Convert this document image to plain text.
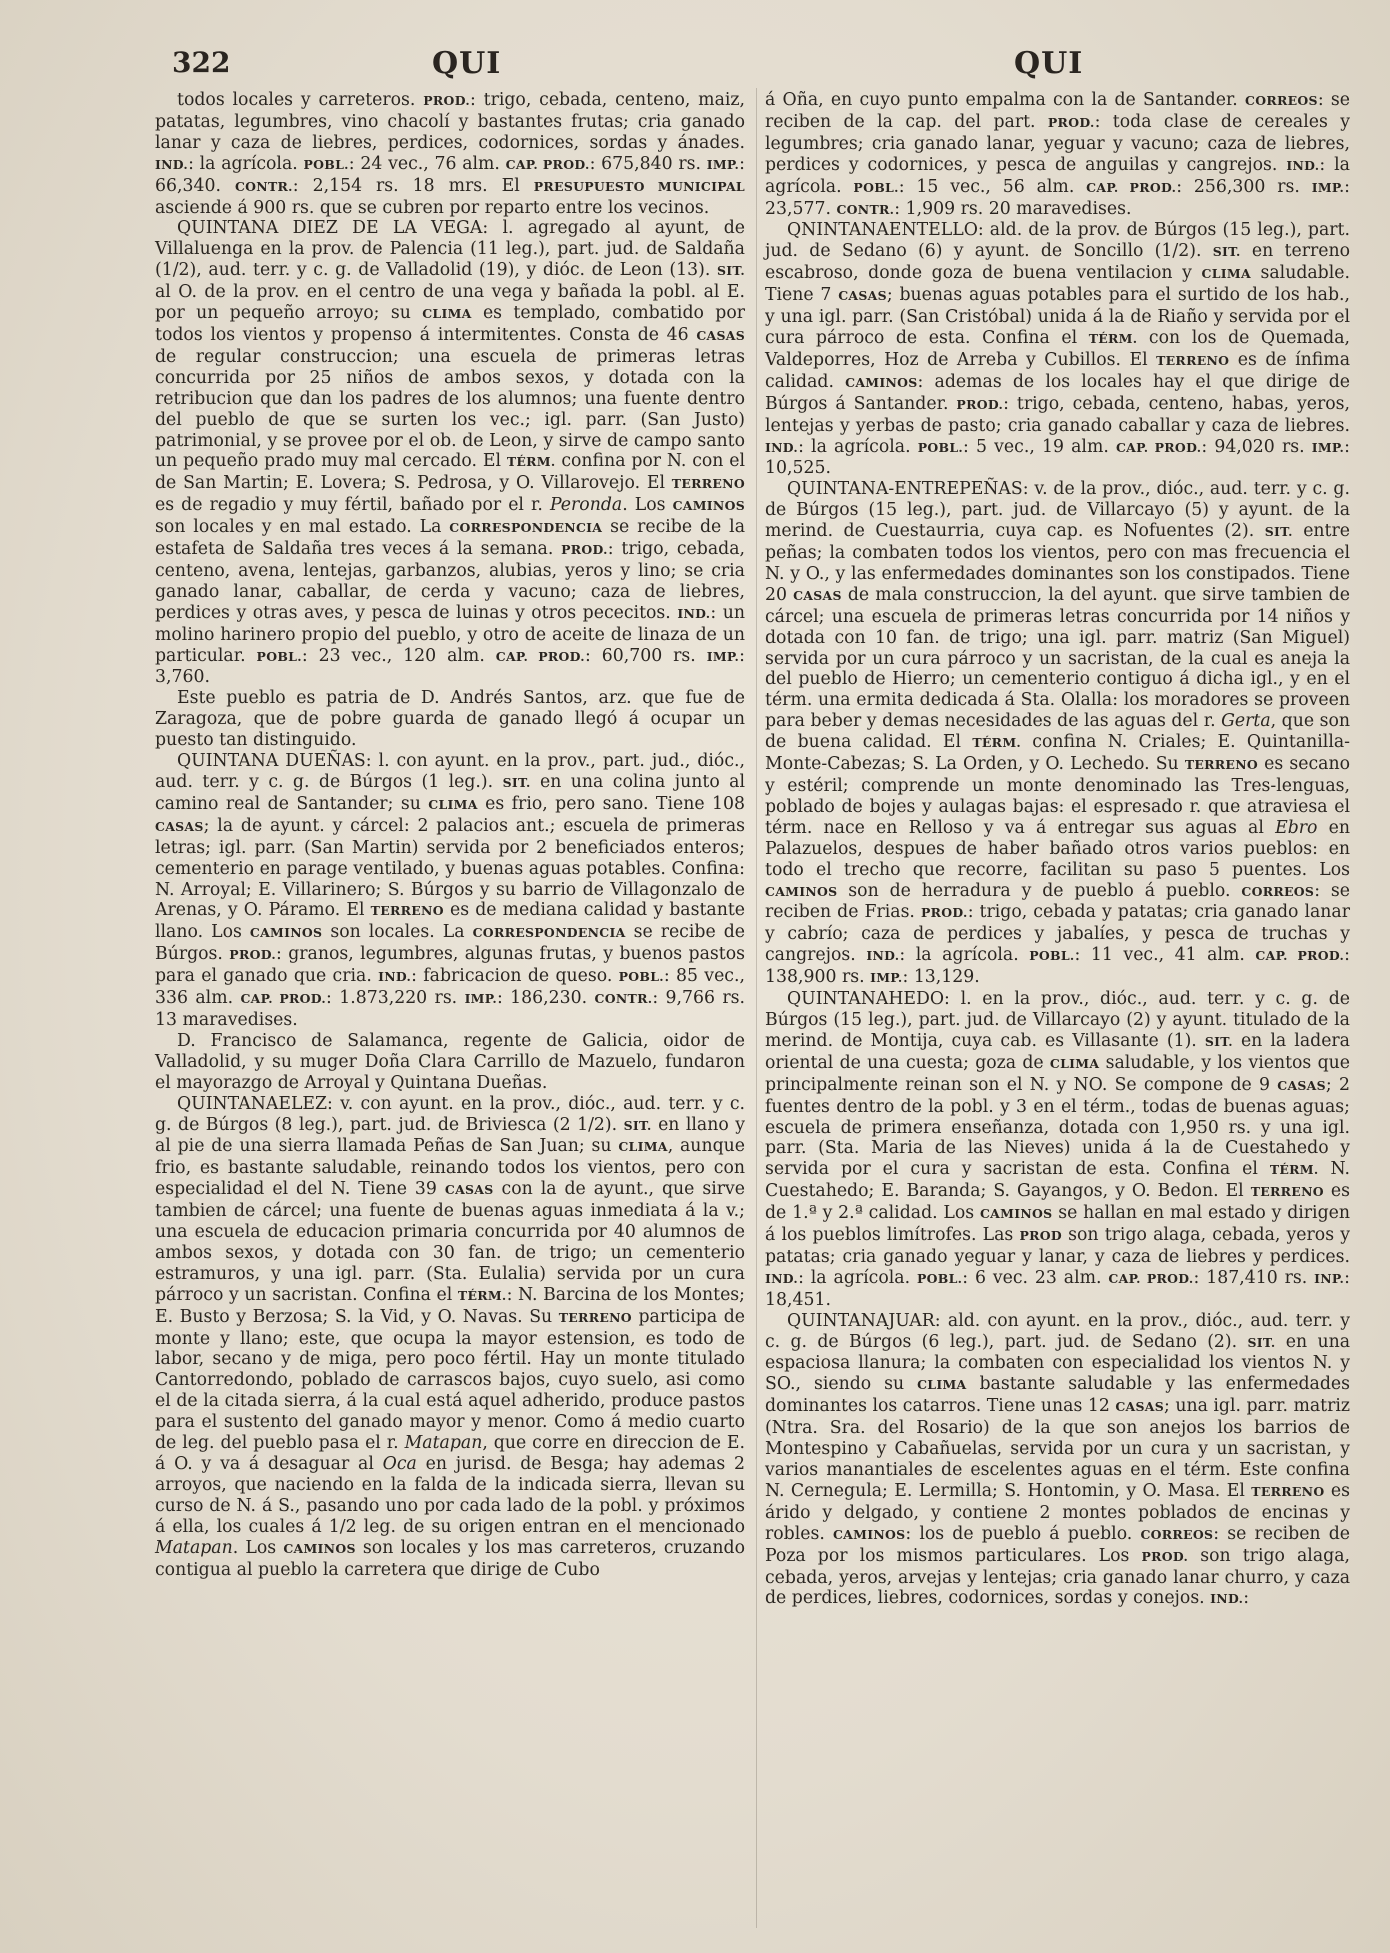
322	QUI	QUI

todos locales y carreteros. PROD.: trigo, cebada, centeno, maiz, patatas, legumbres, vino chacolí y bastantes frutas; cria ganado lanar y caza de liebres, perdices, codornices, sordas y ánades. IND.: la agrícola. POBL.: 24 vec., 76 alm. CAP. PROD.: 675,840 rs. IMP.: 66,340. CONTR.: 2,154 rs. 18 mrs. El PRESUPUESTO MUNICIPAL asciende á 900 rs. que se cubren por reparto entre los vecinos.

QUINTANA DIEZ DE LA VEGA: l. agregado al ayunt, de Villaluenga en la prov. de Palencia (11 leg.), part. jud. de Saldaña (1/2), aud. terr. y c. g. de Valladolid (19), y dióc. de Leon (13). SIT. al O. de la prov. en el centro de una vega y bañada la pobl. al E. por un pequeño arroyo; su CLIMA es templado, combatido por todos los vientos y propenso á intermitentes. Consta de 46 CASAS de regular construccion; una escuela de primeras letras concurrida por 25 niños de ambos sexos, y dotada con la retribucion que dan los padres de los alumnos; una fuente dentro del pueblo de que se surten los vec.; igl. parr. (San Justo) patrimonial, y se provee por el ob. de Leon, y sirve de campo santo un pequeño prado muy mal cercado. El TÉRM. confina por N. con el de San Martin; E. Lovera; S. Pedrosa, y O. Villarovejo. El TERRENO es de regadio y muy fértil, bañado por el r. Peronda. Los CAMINOS son locales y en mal estado. La CORRESPONDENCIA se recibe de la estafeta de Saldaña tres veces á la semana. PROD.: trigo, cebada, centeno, avena, lentejas, garbanzos, alubias, yeros y lino; se cria ganado lanar, caballar, de cerda y vacuno; caza de liebres, perdices y otras aves, y pesca de luinas y otros pececitos. IND.: un molino harinero propio del pueblo, y otro de aceite de linaza de un particular. POBL.: 23 vec., 120 alm. CAP. PROD.: 60,700 rs. IMP.: 3,760.

Este pueblo es patria de D. Andrés Santos, arz. que fue de Zaragoza, que de pobre guarda de ganado llegó á ocupar un puesto tan distinguido.

QUINTANA DUEÑAS: l. con ayunt. en la prov., part. jud., dióc., aud. terr. y c. g. de Búrgos (1 leg.). SIT. en una colina junto al camino real de Santander; su CLIMA es frio, pero sano. Tiene 108 CASAS; la de ayunt. y cárcel: 2 palacios ant.; escuela de primeras letras; igl. parr. (San Martin) servida por 2 beneficiados enteros; cementerio en parage ventilado, y buenas aguas potables. Confina: N. Arroyal; E. Villarinero; S. Búrgos y su barrio de Villagonzalo de Arenas, y O. Páramo. El TERRENO es de mediana calidad y bastante llano. Los CAMINOS son locales. La CORRESPONDENCIA se recibe de Búrgos. PROD.: granos, legumbres, algunas frutas, y buenos pastos para el ganado que cria. IND.: fabricacion de queso. POBL.: 85 vec., 336 alm. CAP. PROD.: 1.873,220 rs. IMP.: 186,230. CONTR.: 9,766 rs. 13 maravedises.

D. Francisco de Salamanca, regente de Galicia, oidor de Valladolid, y su muger Doña Clara Carrillo de Mazuelo, fundaron el mayorazgo de Arroyal y Quintana Dueñas.

QUINTANAELEZ: v. con ayunt. en la prov., dióc., aud. terr. y c. g. de Búrgos (8 leg.), part. jud. de Briviesca (2 1/2). SIT. en llano y al pie de una sierra llamada Peñas de San Juan; su CLIMA, aunque frio, es bastante saludable, reinando todos los vientos, pero con especialidad el del N. Tiene 39 CASAS con la de ayunt., que sirve tambien de cárcel; una fuente de buenas aguas inmediata á la v.; una escuela de educacion primaria concurrida por 40 alumnos de ambos sexos, y dotada con 30 fan. de trigo; un cementerio estramuros, y una igl. parr. (Sta. Eulalia) servida por un cura párroco y un sacristan. Confina el TÉRM.: N. Barcina de los Montes; E. Busto y Berzosa; S. la Vid, y O. Navas. Su TERRENO participa de monte y llano; este, que ocupa la mayor estension, es todo de labor, secano y de miga, pero poco fértil. Hay un monte titulado Cantorredondo, poblado de carrascos bajos, cuyo suelo, asi como el de la citada sierra, á la cual está aquel adherido, produce pastos para el sustento del ganado mayor y menor. Como á medio cuarto de leg. del pueblo pasa el r. Matapan, que corre en direccion de E. á O. y va á desaguar al Oca en jurisd. de Besga; hay ademas 2 arroyos, que naciendo en la falda de la indicada sierra, llevan su curso de N. á S., pasando uno por cada lado de la pobl. y próximos á ella, los cuales á 1/2 leg. de su origen entran en el mencionado Matapan. Los CAMINOS son locales y los mas carreteros, cruzando contigua al pueblo la carretera que dirige de Cubo

á Oña, en cuyo punto empalma con la de Santander. CORREOS: se reciben de la cap. del part. PROD.: toda clase de cereales y legumbres; cria ganado lanar, yeguar y vacuno; caza de liebres, perdices y codornices, y pesca de anguilas y cangrejos. IND.: la agrícola. POBL.: 15 vec., 56 alm. CAP. PROD.: 256,300 rs. IMP.: 23,577. CONTR.: 1,909 rs. 20 maravedises.

QNINTANAENTELLO: ald. de la prov. de Búrgos (15 leg.), part. jud. de Sedano (6) y ayunt. de Soncillo (1/2). SIT. en terreno escabroso, donde goza de buena ventilacion y CLIMA saludable. Tiene 7 CASAS; buenas aguas potables para el surtido de los hab., y una igl. parr. (San Cristóbal) unida á la de Riaño y servida por el cura párroco de esta. Confina el TÉRM. con los de Quemada, Valdeporres, Hoz de Arreba y Cubillos. El TERRENO es de ínfima calidad. CAMINOS: ademas de los locales hay el que dirige de Búrgos á Santander. PROD.: trigo, cebada, centeno, habas, yeros, lentejas y yerbas de pasto; cria ganado caballar y caza de liebres. IND.: la agrícola. POBL.: 5 vec., 19 alm. CAP. PROD.: 94,020 rs. IMP.: 10,525.

QUINTANA-ENTREPEÑAS: v. de la prov., dióc., aud. terr. y c. g. de Búrgos (15 leg.), part. jud. de Villarcayo (5) y ayunt. de la merind. de Cuestaurria, cuya cap. es Nofuentes (2). SIT. entre peñas; la combaten todos los vientos, pero con mas frecuencia el N. y O., y las enfermedades dominantes son los constipados. Tiene 20 CASAS de mala construccion, la del ayunt. que sirve tambien de cárcel; una escuela de primeras letras concurrida por 14 niños y dotada con 10 fan. de trigo; una igl. parr. matriz (San Miguel) servida por un cura párroco y un sacristan, de la cual es aneja la del pueblo de Hierro; un cementerio contiguo á dicha igl., y en el térm. una ermita dedicada á Sta. Olalla: los moradores se proveen para beber y demas necesidades de las aguas del r. Gerta, que son de buena calidad. El TÉRM. confina N. Criales; E. Quintanilla-Monte-Cabezas; S. La Orden, y O. Lechedo. Su TERRENO es secano y estéril; comprende un monte denominado las Tres-lenguas, poblado de bojes y aulagas bajas: el espresado r. que atraviesa el térm. nace en Relloso y va á entregar sus aguas al Ebro en Palazuelos, despues de haber bañado otros varios pueblos: en todo el trecho que recorre, facilitan su paso 5 puentes. Los CAMINOS son de herradura y de pueblo á pueblo. CORREOS: se reciben de Frias. PROD.: trigo, cebada y patatas; cria ganado lanar y cabrío; caza de perdices y jabalíes, y pesca de truchas y cangrejos. IND.: la agrícola. POBL.: 11 vec., 41 alm. CAP. PROD.: 138,900 rs. IMP.: 13,129.

QUINTANAHEDO: l. en la prov., dióc., aud. terr. y c. g. de Búrgos (15 leg.), part. jud. de Villarcayo (2) y ayunt. titulado de la merind. de Montija, cuya cab. es Villasante (1). SIT. en la ladera oriental de una cuesta; goza de CLIMA saludable, y los vientos que principalmente reinan son el N. y NO. Se compone de 9 CASAS; 2 fuentes dentro de la pobl. y 3 en el térm., todas de buenas aguas; escuela de primera enseñanza, dotada con 1,950 rs. y una igl. parr. (Sta. Maria de las Nieves) unida á la de Cuestahedo y servida por el cura y sacristan de esta. Confina el TÉRM. N. Cuestahedo; E. Baranda; S. Gayangos, y O. Bedon. El TERRENO es de 1.ª y 2.ª calidad. Los CAMINOS se hallan en mal estado y dirigen á los pueblos limítrofes. Las PROD son trigo alaga, cebada, yeros y patatas; cria ganado yeguar y lanar, y caza de liebres y perdices. IND.: la agrícola. POBL.: 6 vec. 23 alm. CAP. PROD.: 187,410 rs. INP.: 18,451.

QUINTANAJUAR: ald. con ayunt. en la prov., dióc., aud. terr. y c. g. de Búrgos (6 leg.), part. jud. de Sedano (2). SIT. en una espaciosa llanura; la combaten con especialidad los vientos N. y SO., siendo su CLIMA bastante saludable y las enfermedades dominantes los catarros. Tiene unas 12 CASAS; una igl. parr. matriz (Ntra. Sra. del Rosario) de la que son anejos los barrios de Montespino y Cabañuelas, servida por un cura y un sacristan, y varios manantiales de escelentes aguas en el térm. Este confina N. Cernegula; E. Lermilla; S. Hontomin, y O. Masa. El TERRENO es árido y delgado, y contiene 2 montes poblados de encinas y robles. CAMINOS: los de pueblo á pueblo. CORREOS: se reciben de Poza por los mismos particulares. Los PROD. son trigo alaga, cebada, yeros, arvejas y lentejas; cria ganado lanar churro, y caza de perdices, liebres, codornices, sordas y conejos. IND.:
